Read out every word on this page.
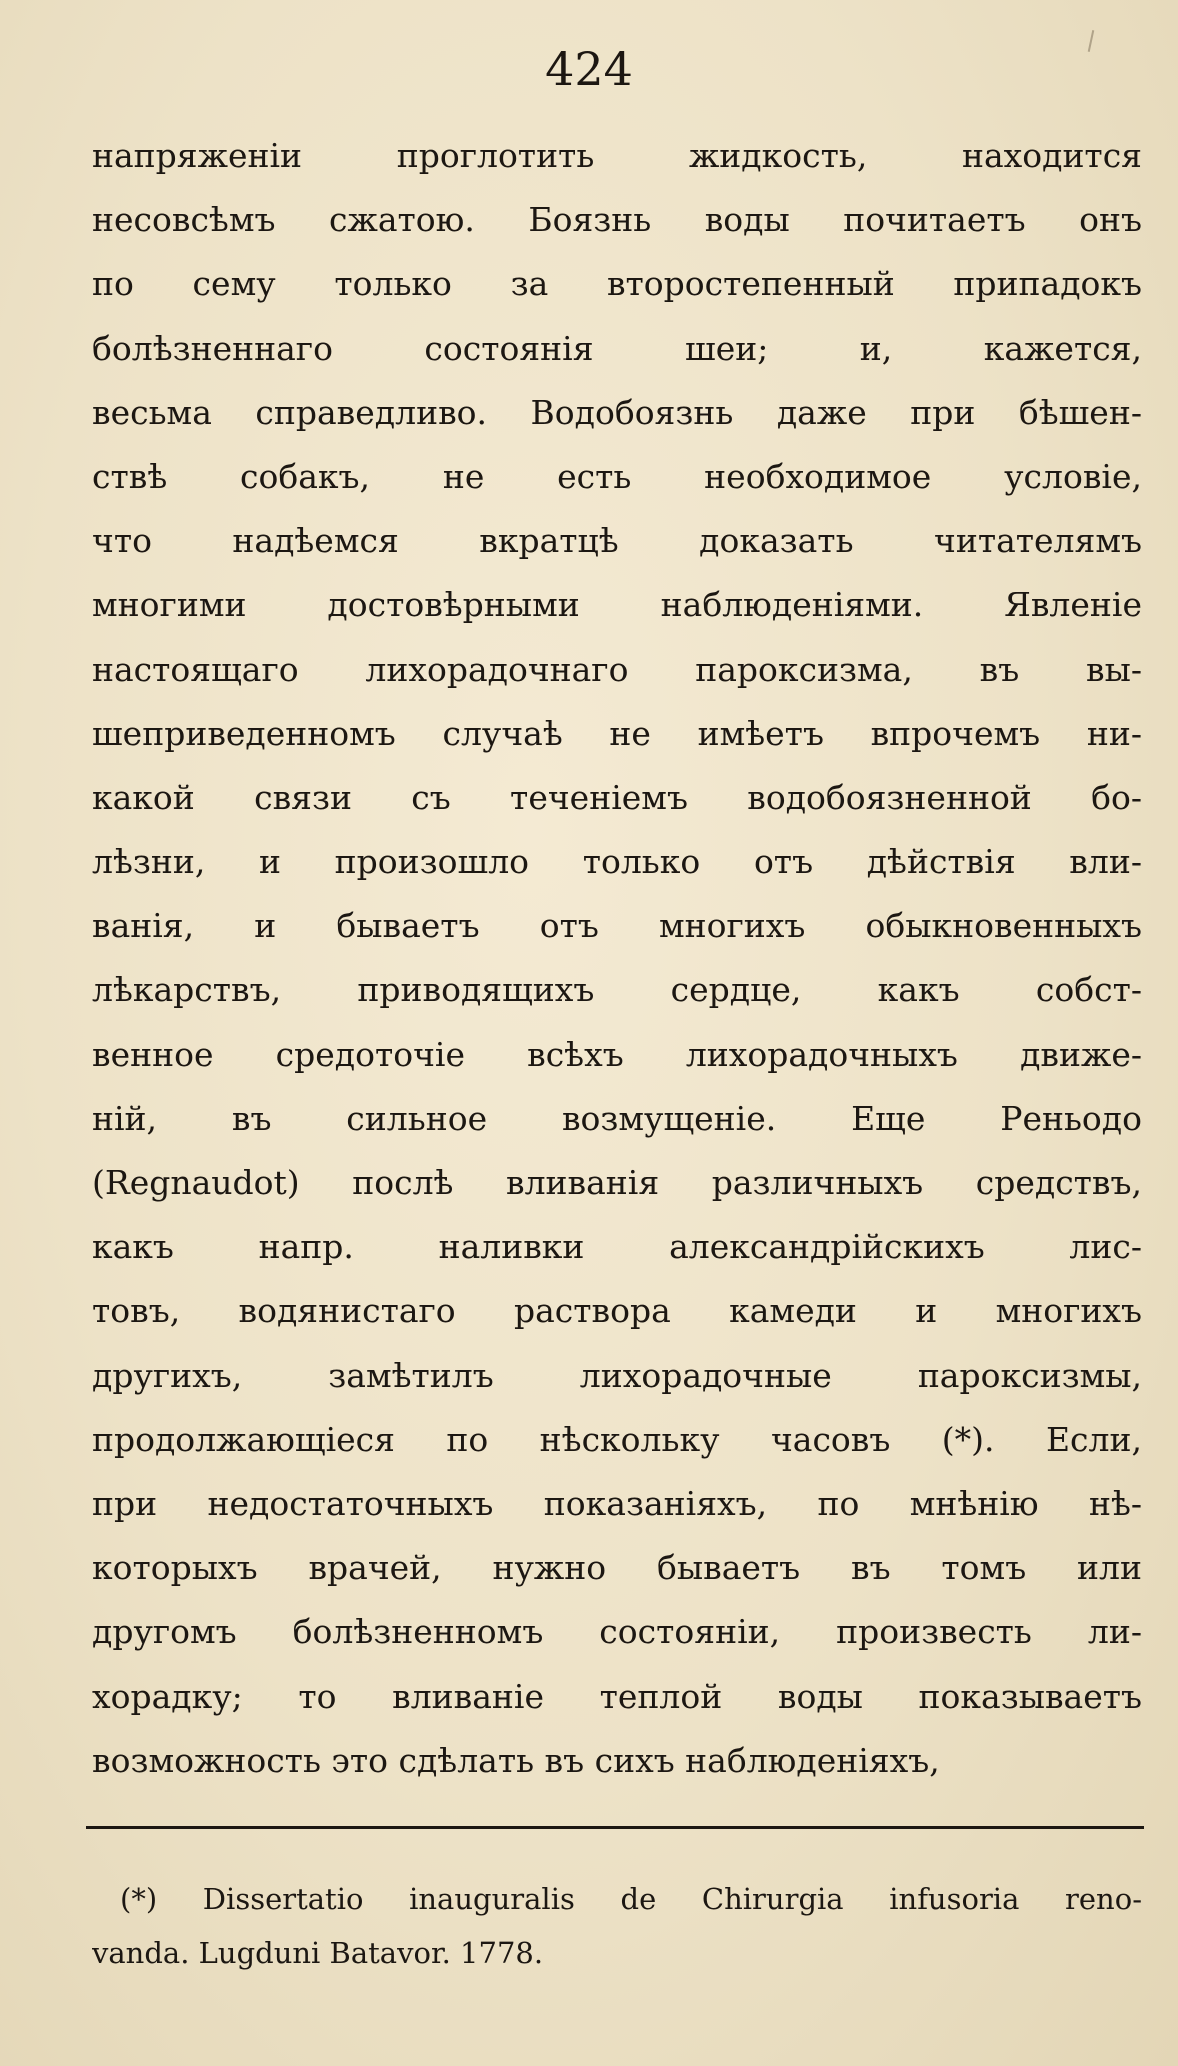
424
напряженіи проглотить жидкость, находится
несовсѣмъ сжатою. Боязнь воды почитаетъ онъ
по сему только за второстепенный припадокъ
болѣзненнаго состоянія шеи; и, кажется,
весьма справедливо. Водобоязнь даже при бѣшен-
ствѣ собакъ, не есть необходимое условіе,
что надѣемся вкратцѣ доказать читателямъ
многими достовѣрными наблюденіями. Явленіе
настоящаго лихорадочнаго пароксизма, въ вы-
шеприведенномъ случаѣ не имѣетъ впрочемъ ни-
какой связи съ теченіемъ водобоязненной бо-
лѣзни, и произошло только отъ дѣйствія вли-
ванія, и бываетъ отъ многихъ обыкновенныхъ
лѣкарствъ, приводящихъ сердце, какъ собст-
венное средоточіе всѣхъ лихорадочныхъ движе-
ній, въ сильное возмущеніе. Еще Реньодо
(Regnaudot) послѣ вливанія различныхъ средствъ,
какъ напр. наливки александрійскихъ лис-
товъ, водянистаго раствора камеди и многихъ
другихъ, замѣтилъ лихорадочные пароксизмы,
продолжающіеся по нѣскольку часовъ (*). Если,
при недостаточныхъ показаніяхъ, по мнѣнію нѣ-
которыхъ врачей, нужно бываетъ въ томъ или
другомъ болѣзненномъ состояніи, произвесть ли-
хорадку; то вливаніе теплой воды показываетъ
возможность это сдѣлать въ сихъ наблюденіяхъ,
(*) Dissertatio inauguralis de Chirurgia infusoria reno-
vanda. Lugduni Batavor. 1778.
